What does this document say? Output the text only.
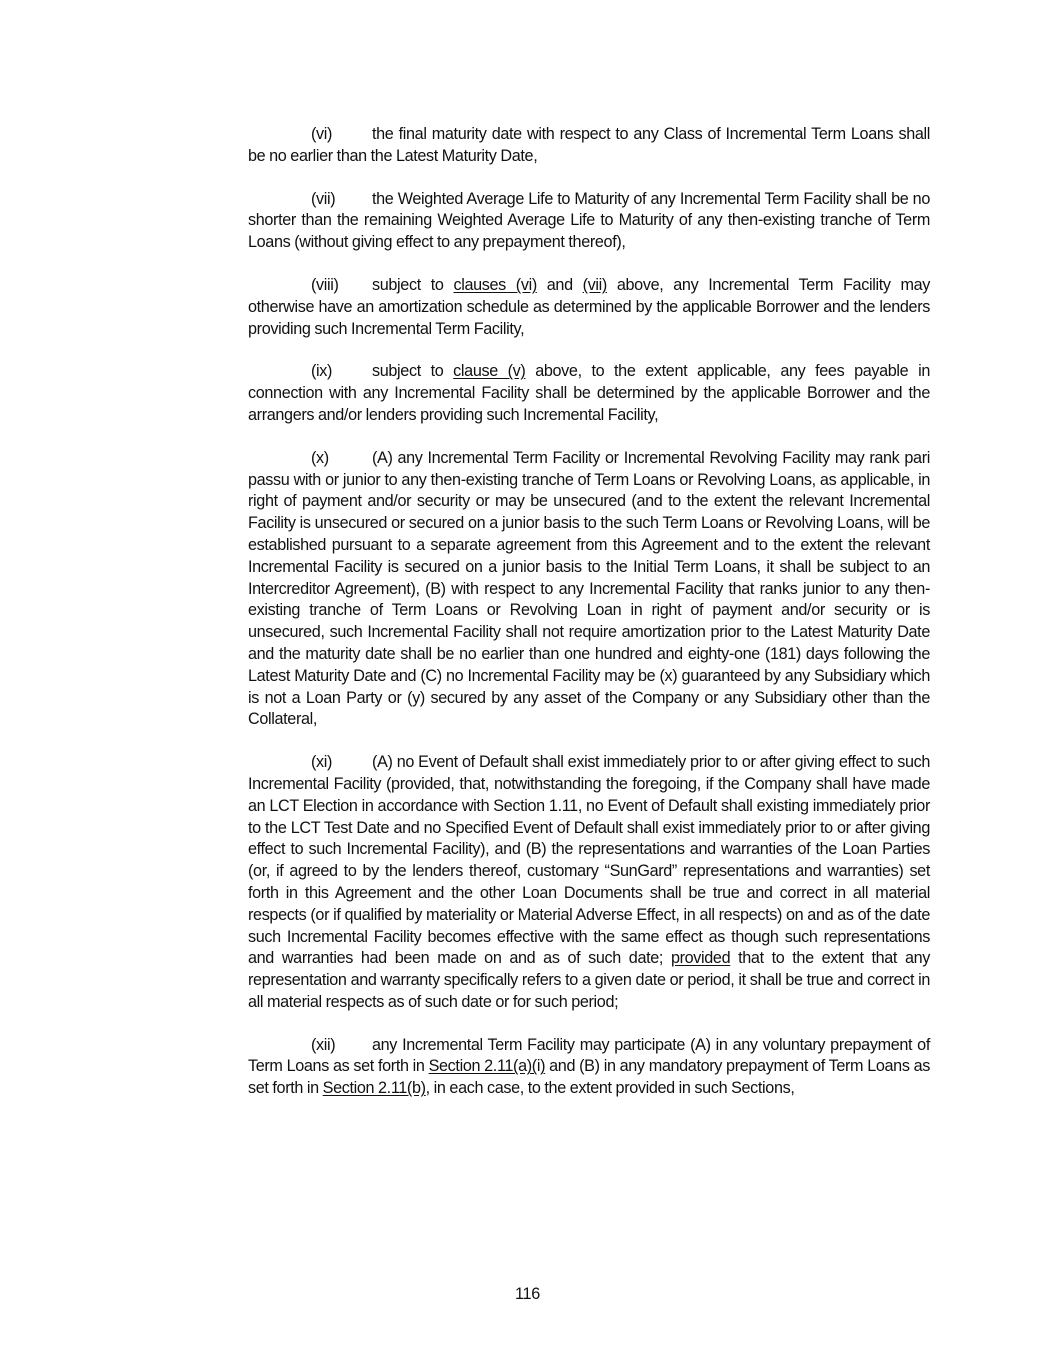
(vi) the final maturity date with respect to any Class of Incremental Term Loans shall be no earlier than the Latest Maturity Date,

(vii) the Weighted Average Life to Maturity of any Incremental Term Facility shall be no shorter than the remaining Weighted Average Life to Maturity of any then-existing tranche of Term Loans (without giving effect to any prepayment thereof),

(viii) subject to clauses (vi) and (vii) above, any Incremental Term Facility may otherwise have an amortization schedule as determined by the applicable Borrower and the lenders providing such Incremental Term Facility,

(ix) subject to clause (v) above, to the extent applicable, any fees payable in connection with any Incremental Facility shall be determined by the applicable Borrower and the arrangers and/or lenders providing such Incremental Facility,

(x)	(A) any Incremental Term Facility or Incremental Revolving Facility may rank pari passu with or junior to any then-existing tranche of Term Loans or Revolving Loans, as applicable, in right of payment and/or security or may be unsecured (and to the extent the relevant Incremental Facility is unsecured or secured on a junior basis to the such Term Loans or Revolving Loans, will be established pursuant to a separate agreement from this Agreement and to the extent the relevant Incremental Facility is secured on a junior basis to the Initial Term Loans, it shall be subject to an Intercreditor Agreement), (B) with respect to any Incremental Facility that ranks junior to any then-existing tranche of Term Loans or Revolving Loan in right of payment and/or security or is unsecured, such Incremental Facility shall not require amortization prior to the Latest Maturity Date and the maturity date shall be no earlier than one hundred and eighty-one (181) days following the Latest Maturity Date and (C) no Incremental Facility may be (x) guaranteed by any Subsidiary which is not a Loan Party or (y) secured by any asset of the Company or any Subsidiary other than the Collateral,

(xi) (A) no Event of Default shall exist immediately prior to or after giving effect to such Incremental Facility (provided, that, notwithstanding the foregoing, if the Company shall have made an LCT Election in accordance with Section 1.11, no Event of Default shall existing immediately prior to the LCT Test Date and no Specified Event of Default shall exist immediately prior to or after giving effect to such Incremental Facility), and (B) the representations and warranties of the Loan Parties (or, if agreed to by the lenders thereof, customary “SunGard” representations and warranties) set forth in this Agreement and the other Loan Documents shall be true and correct in all material respects (or if qualified by materiality or Material Adverse Effect, in all respects) on and as of the date such Incremental Facility becomes effective with the same effect as though such representations and warranties had been made on and as of such date; provided that to the extent that any representation and warranty specifically refers to a given date or period, it shall be true and correct in all material respects as of such date or for such period;

(xii) any Incremental Term Facility may participate (A) in any voluntary prepayment of Term Loans as set forth in Section 2.11(a)(i) and (B) in any mandatory prepayment of Term Loans as set forth in Section 2.11(b), in each case, to the extent provided in such Sections,

116
